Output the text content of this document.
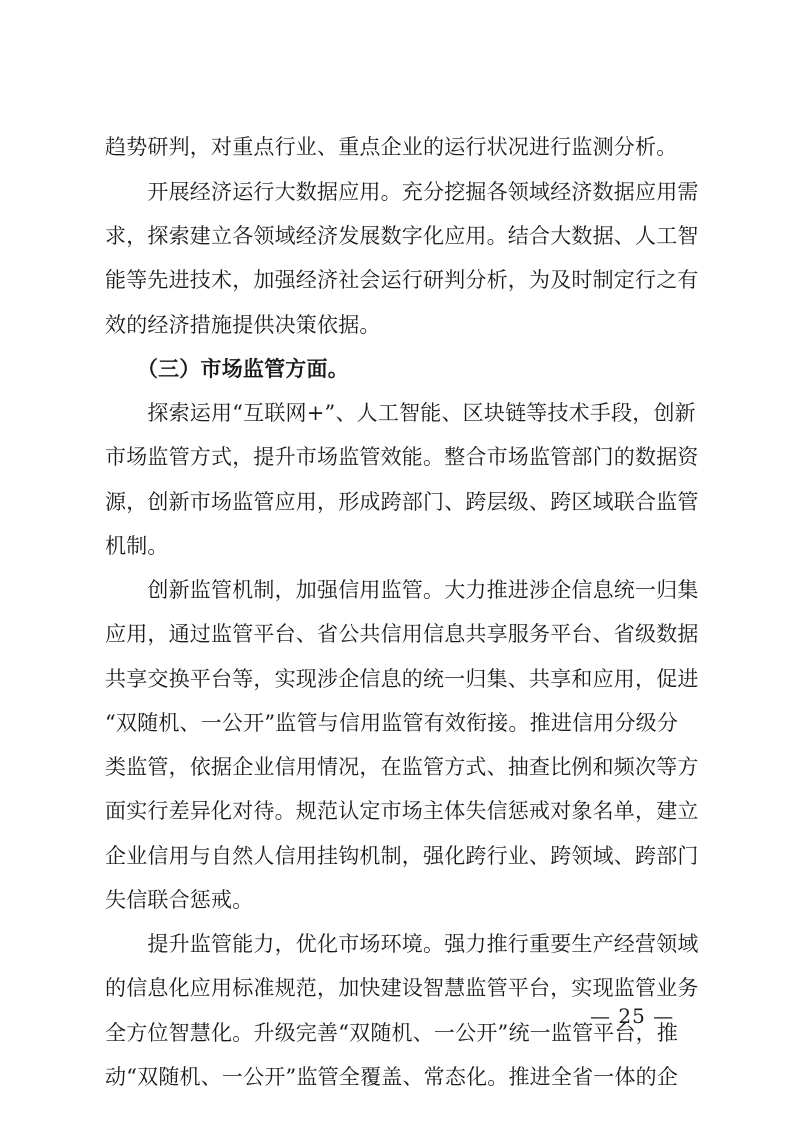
趋势研判，对重点行业、重点企业的运行状况进行监测分析。
　　开展经济运行大数据应用。充分挖掘各领域经济数据应用需
求，探索建立各领域经济发展数字化应用。结合大数据、人工智
能等先进技术，加强经济社会运行研判分析，为及时制定行之有
效的经济措施提供决策依据。
　　（三）市场监管方面。
　　探索运用“互联网+”、人工智能、区块链等技术手段，创新
市场监管方式，提升市场监管效能。整合市场监管部门的数据资
源，创新市场监管应用，形成跨部门、跨层级、跨区域联合监管
机制。
　　创新监管机制，加强信用监管。大力推进涉企信息统一归集
应用，通过监管平台、省公共信用信息共享服务平台、省级数据
共享交换平台等，实现涉企信息的统一归集、共享和应用，促进
“双随机、一公开”监管与信用监管有效衔接。推进信用分级分
类监管，依据企业信用情况，在监管方式、抽查比例和频次等方
面实行差异化对待。规范认定市场主体失信惩戒对象名单，建立
企业信用与自然人信用挂钩机制，强化跨行业、跨领域、跨部门
失信联合惩戒。
　　提升监管能力，优化市场环境。强力推行重要生产经营领域
的信息化应用标准规范，加快建设智慧监管平台，实现监管业务
全方位智慧化。升级完善“双随机、一公开”统一监管平台，推
动“双随机、一公开”监管全覆盖、常态化。推进全省一体的企
— 25 —
